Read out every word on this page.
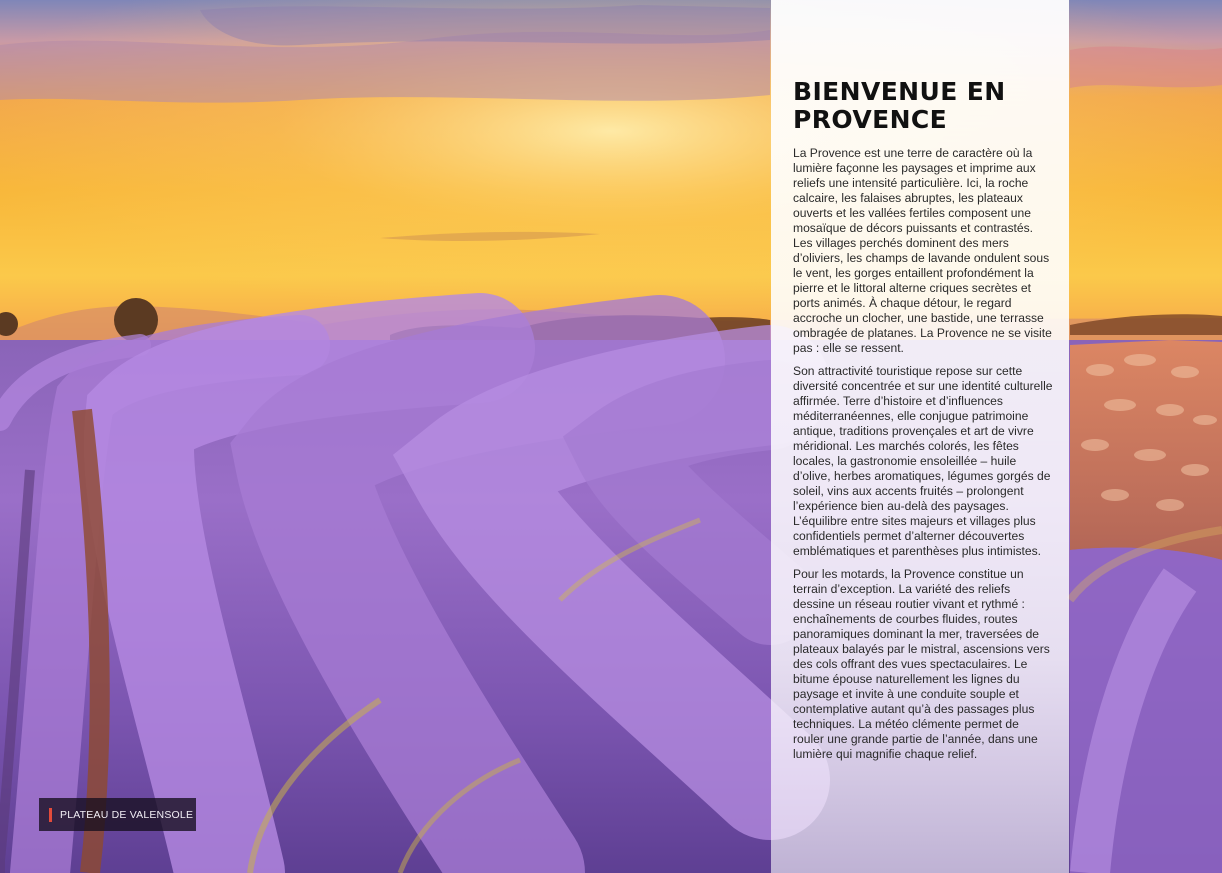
BIENVENUE EN PROVENCE

La Provence est une terre de caractère où la lumière façonne les paysages et imprime aux reliefs une intensité particulière. Ici, la roche calcaire, les falaises abruptes, les plateaux ouverts et les vallées fertiles composent une mosaïque de décors puissants et contrastés. Les villages perchés dominent des mers d’oliviers, les champs de lavande ondulent sous le vent, les gorges entaillent profondément la pierre et le littoral alterne criques secrètes et ports animés. À chaque détour, le regard accroche un clocher, une bastide, une terrasse ombragée de platanes. La Provence ne se visite pas : elle se ressent.

Son attractivité touristique repose sur cette diversité concentrée et sur une identité culturelle affirmée. Terre d’histoire et d’influences méditerranéennes, elle conjugue patrimoine antique, traditions provençales et art de vivre méridional. Les marchés colorés, les fêtes locales, la gastronomie ensoleillée – huile d’olive, herbes aromatiques, légumes gorgés de soleil, vins aux accents fruités – prolongent l’expérience bien au-delà des paysages. L’équilibre entre sites majeurs et villages plus confidentiels permet d’alterner découvertes emblématiques et parenthèses plus intimistes.

Pour les motards, la Provence constitue un terrain d’exception. La variété des reliefs dessine un réseau routier vivant et rythmé : enchaînements de courbes fluides, routes panoramiques dominant la mer, traversées de plateaux balayés par le mistral, ascensions vers des cols offrant des vues spectaculaires. Le bitume épouse naturellement les lignes du paysage et invite à une conduite souple et contemplative autant qu’à des passages plus techniques. La météo clémente permet de rouler une grande partie de l’année, dans une lumière qui magnifie chaque relief.

PLATEAU DE VALENSOLE
